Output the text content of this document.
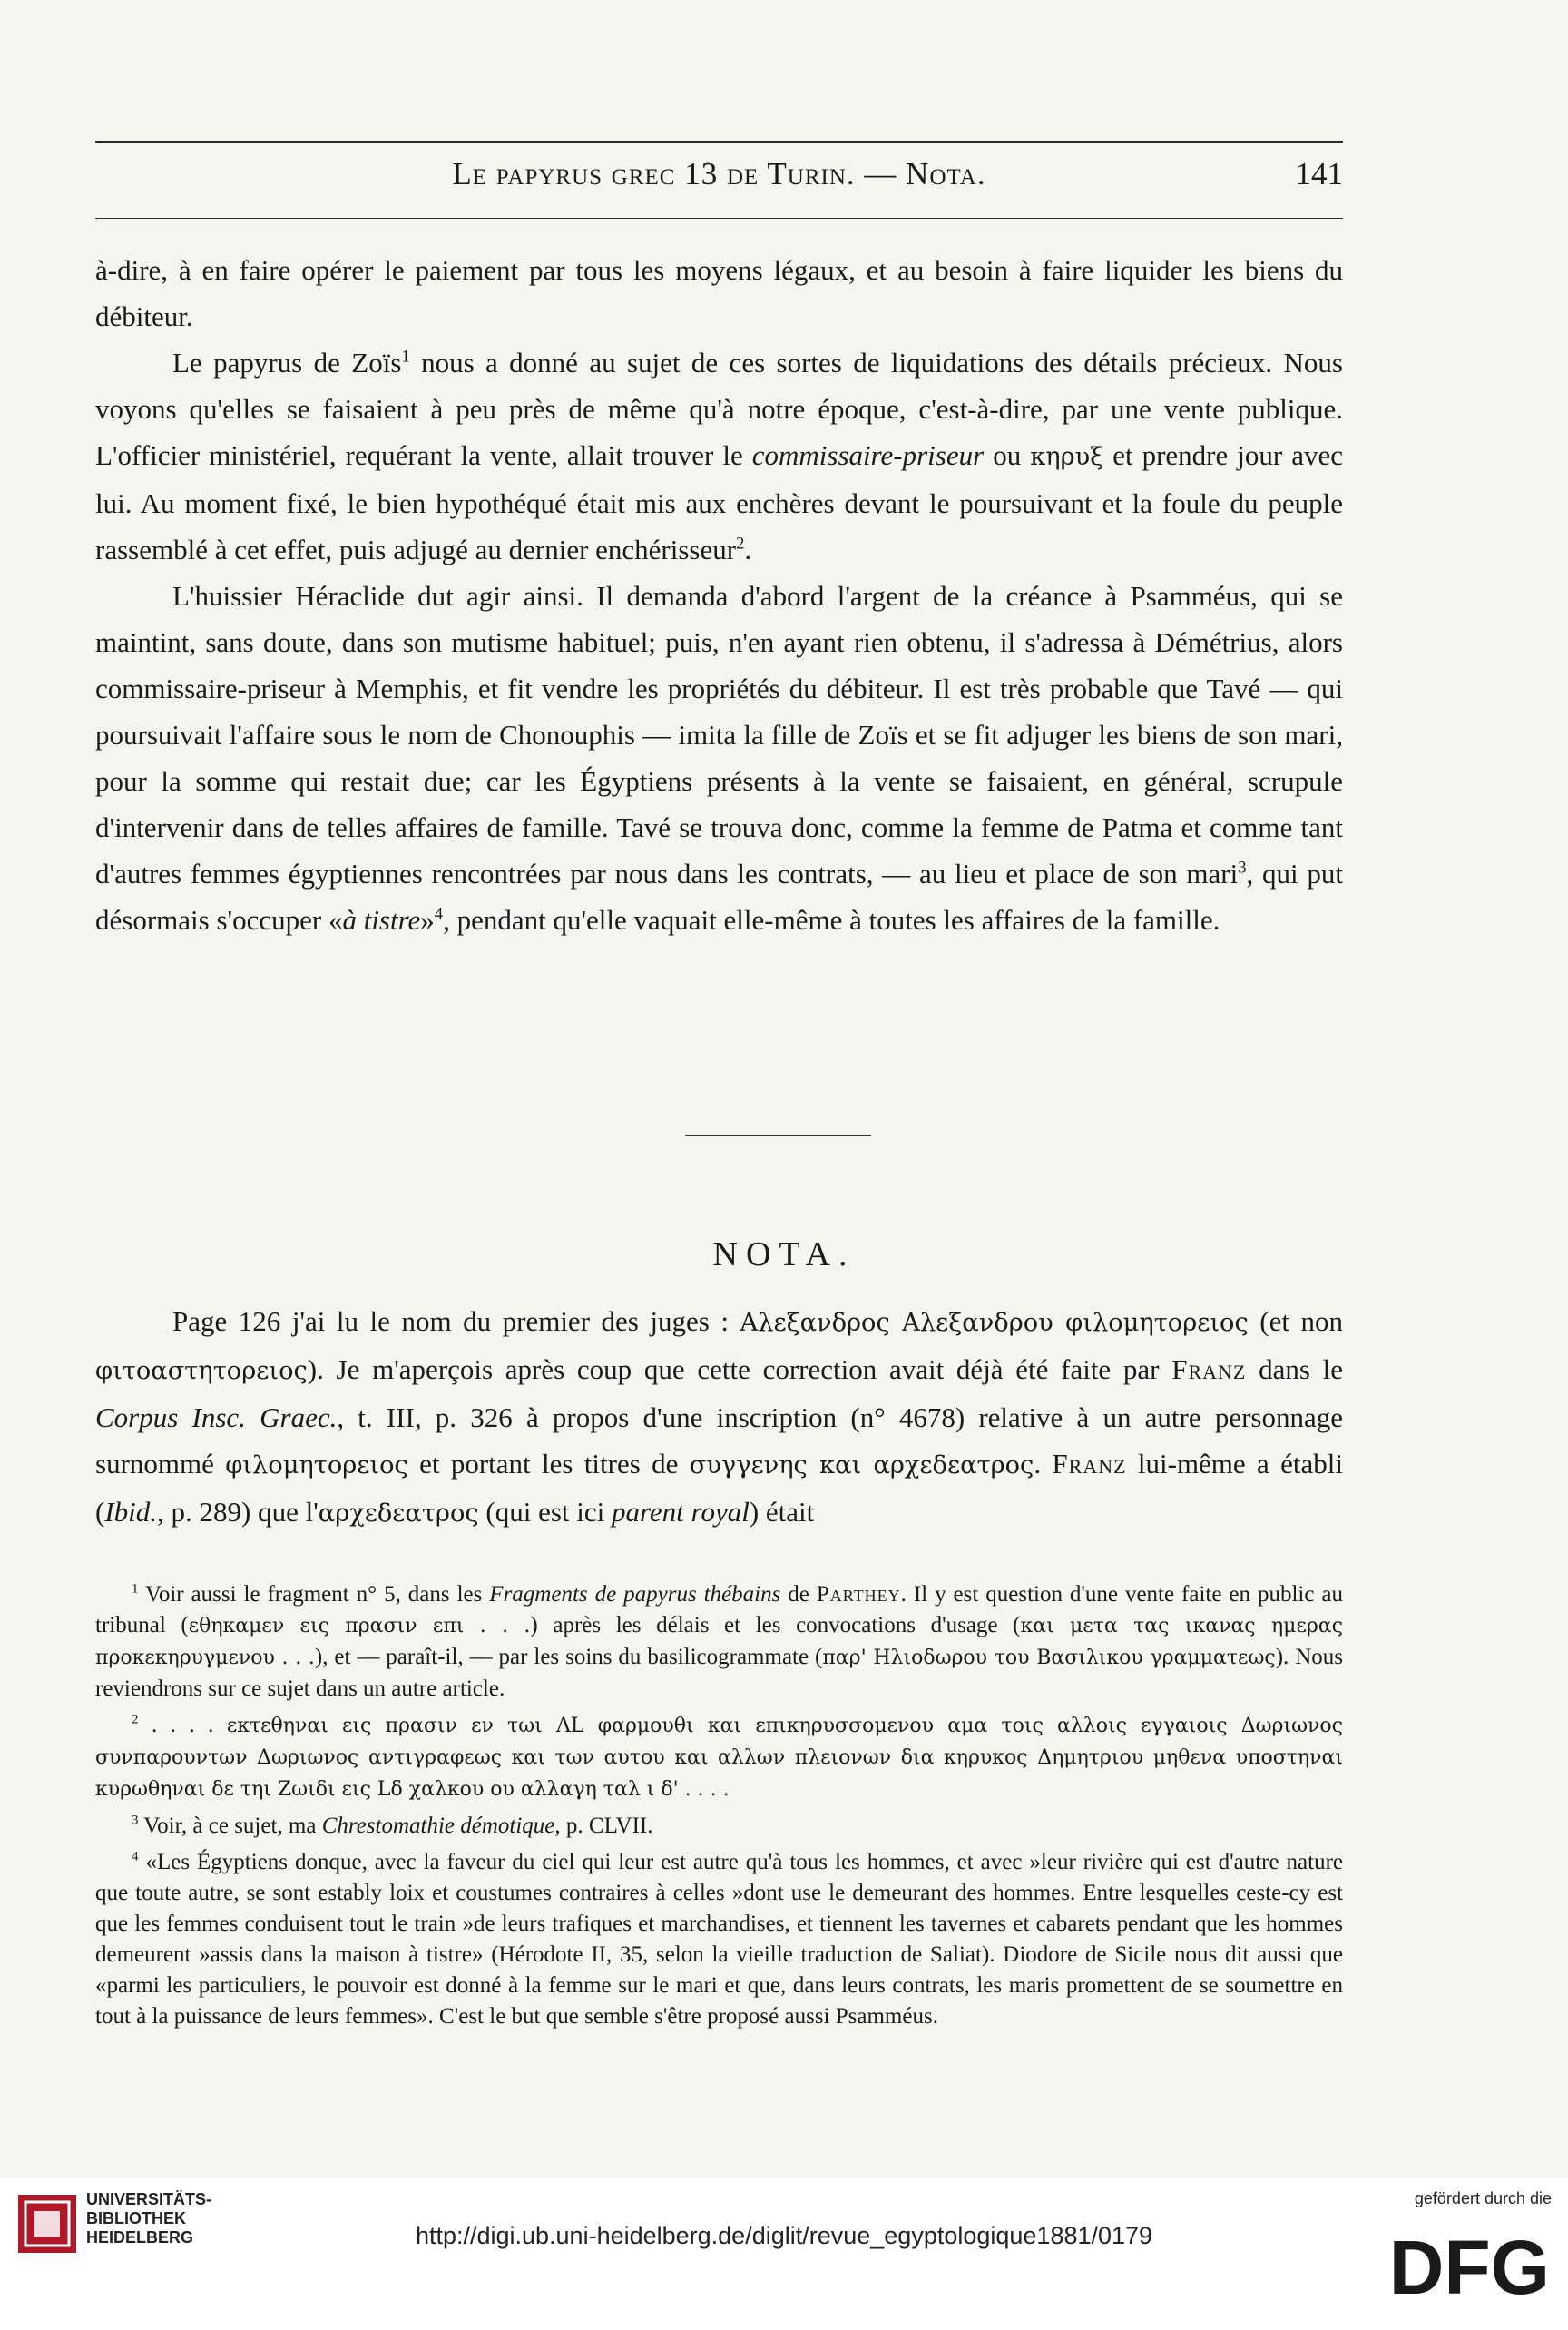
Le papyrus grec 13 de Turin. — Nota.	141

à-dire, à en faire opérer le paiement par tous les moyens légaux, et au besoin à faire liquider les biens du débiteur.

Le papyrus de Zoïs$^1$ nous a donné au sujet de ces sortes de liquidations des détails précieux. Nous voyons qu'elles se faisaient à peu près de même qu'à notre époque, c'est-à-dire, par une vente publique. L'officier ministériel, requérant la vente, allait trouver le commissaire-priseur ou κηρυξ et prendre jour avec lui. Au moment fixé, le bien hypothéqué était mis aux enchères devant le poursuivant et la foule du peuple rassemblé à cet effet, puis adjugé au dernier enchérisseur$^2$.

L'huissier Héraclide dut agir ainsi. Il demanda d'abord l'argent de la créance à Psamméus, qui se maintint, sans doute, dans son mutisme habituel; puis, n'en ayant rien obtenu, il s'adressa à Démétrius, alors commissaire-priseur à Memphis, et fit vendre les propriétés du débiteur. Il est très probable que Tavé — qui poursuivait l'affaire sous le nom de Chonouphis — imita la fille de Zoïs et se fit adjuger les biens de son mari, pour la somme qui restait due; car les Égyptiens présents à la vente se faisaient, en général, scrupule d'intervenir dans de telles affaires de famille. Tavé se trouva donc, comme la femme de Patma et comme tant d'autres femmes égyptiennes rencontrées par nous dans les contrats, — au lieu et place de son mari$^3$, qui put désormais s'occuper «à tistre»$^4$, pendant qu'elle vaquait elle-même à toutes les affaires de la famille.

NOTA.

Page 126 j'ai lu le nom du premier des juges : Αλεξανδρος Αλεξανδρου φιλομητορειος (et non φιτοαστητορειος). Je m'aperçois après coup que cette correction avait déjà été faite par Franz dans le Corpus Insc. Graec., t. III, p. 326 à propos d'une inscription (n° 4678) relative à un autre personnage surnommé φιλομητορειος et portant les titres de συγγενης και αρχεδεατρος. Franz lui-même a établi (Ibid., p. 289) que l'αρχεδεατρος (qui est ici parent royal) était

$^1$ Voir aussi le fragment n° 5, dans les Fragments de papyrus thébains de Parthey. Il y est question d'une vente faite en public au tribunal (εθηκαμεν εις πρασιν επι . . .) après les délais et les convocations d'usage (και μετα τας ικανας ημερας προκεκηρυγμενου . . .), et — paraît-il, — par les soins du basilicogrammate (παρ' Ηλιοδωρου του Βασιλικου γραμματεως). Nous reviendrons sur ce sujet dans un autre article.

$^2$ . . . . εκτεθηναι εις πρασιν εν τωι ΛL φαρμουθι και επικηρυσσομενου αμα τοις αλλοις εγγαιοις Δωριωνος συνπαρουντων Δωριωνος αντιγραφεως και των αυτου και αλλων πλειονων δια κηρυκος Δημητριου μηθενα υποστηναι κυρωθηναι δε τηι Ζωιδι εις Lδ χαλκου ου αλλαγη ταλ ι δ' . . . .

$^3$ Voir, à ce sujet, ma Chrestomathie démotique, p. CLVII.

$^4$ «Les Égyptiens donque, avec la faveur du ciel qui leur est autre qu'à tous les hommes, et avec »leur rivière qui est d'autre nature que toute autre, se sont estably loix et coustumes contraires à celles »dont use le demeurant des hommes. Entre lesquelles ceste-cy est que les femmes conduisent tout le train »de leurs trafiques et marchandises, et tiennent les tavernes et cabarets pendant que les hommes demeurent »assis dans la maison à tistre» (Hérodote II, 35, selon la vieille traduction de Saliat). Diodore de Sicile nous dit aussi que «parmi les particuliers, le pouvoir est donné à la femme sur le mari et que, dans leurs contrats, les maris promettent de se soumettre en tout à la puissance de leurs femmes». C'est le but que semble s'être proposé aussi Psamméus.

UNIVERSITÄTS-
BIBLIOTHEK
HEIDELBERG	http://digi.ub.uni-heidelberg.de/diglit/revue_egyptologique1881/0179
gefördert durch die
DFG
